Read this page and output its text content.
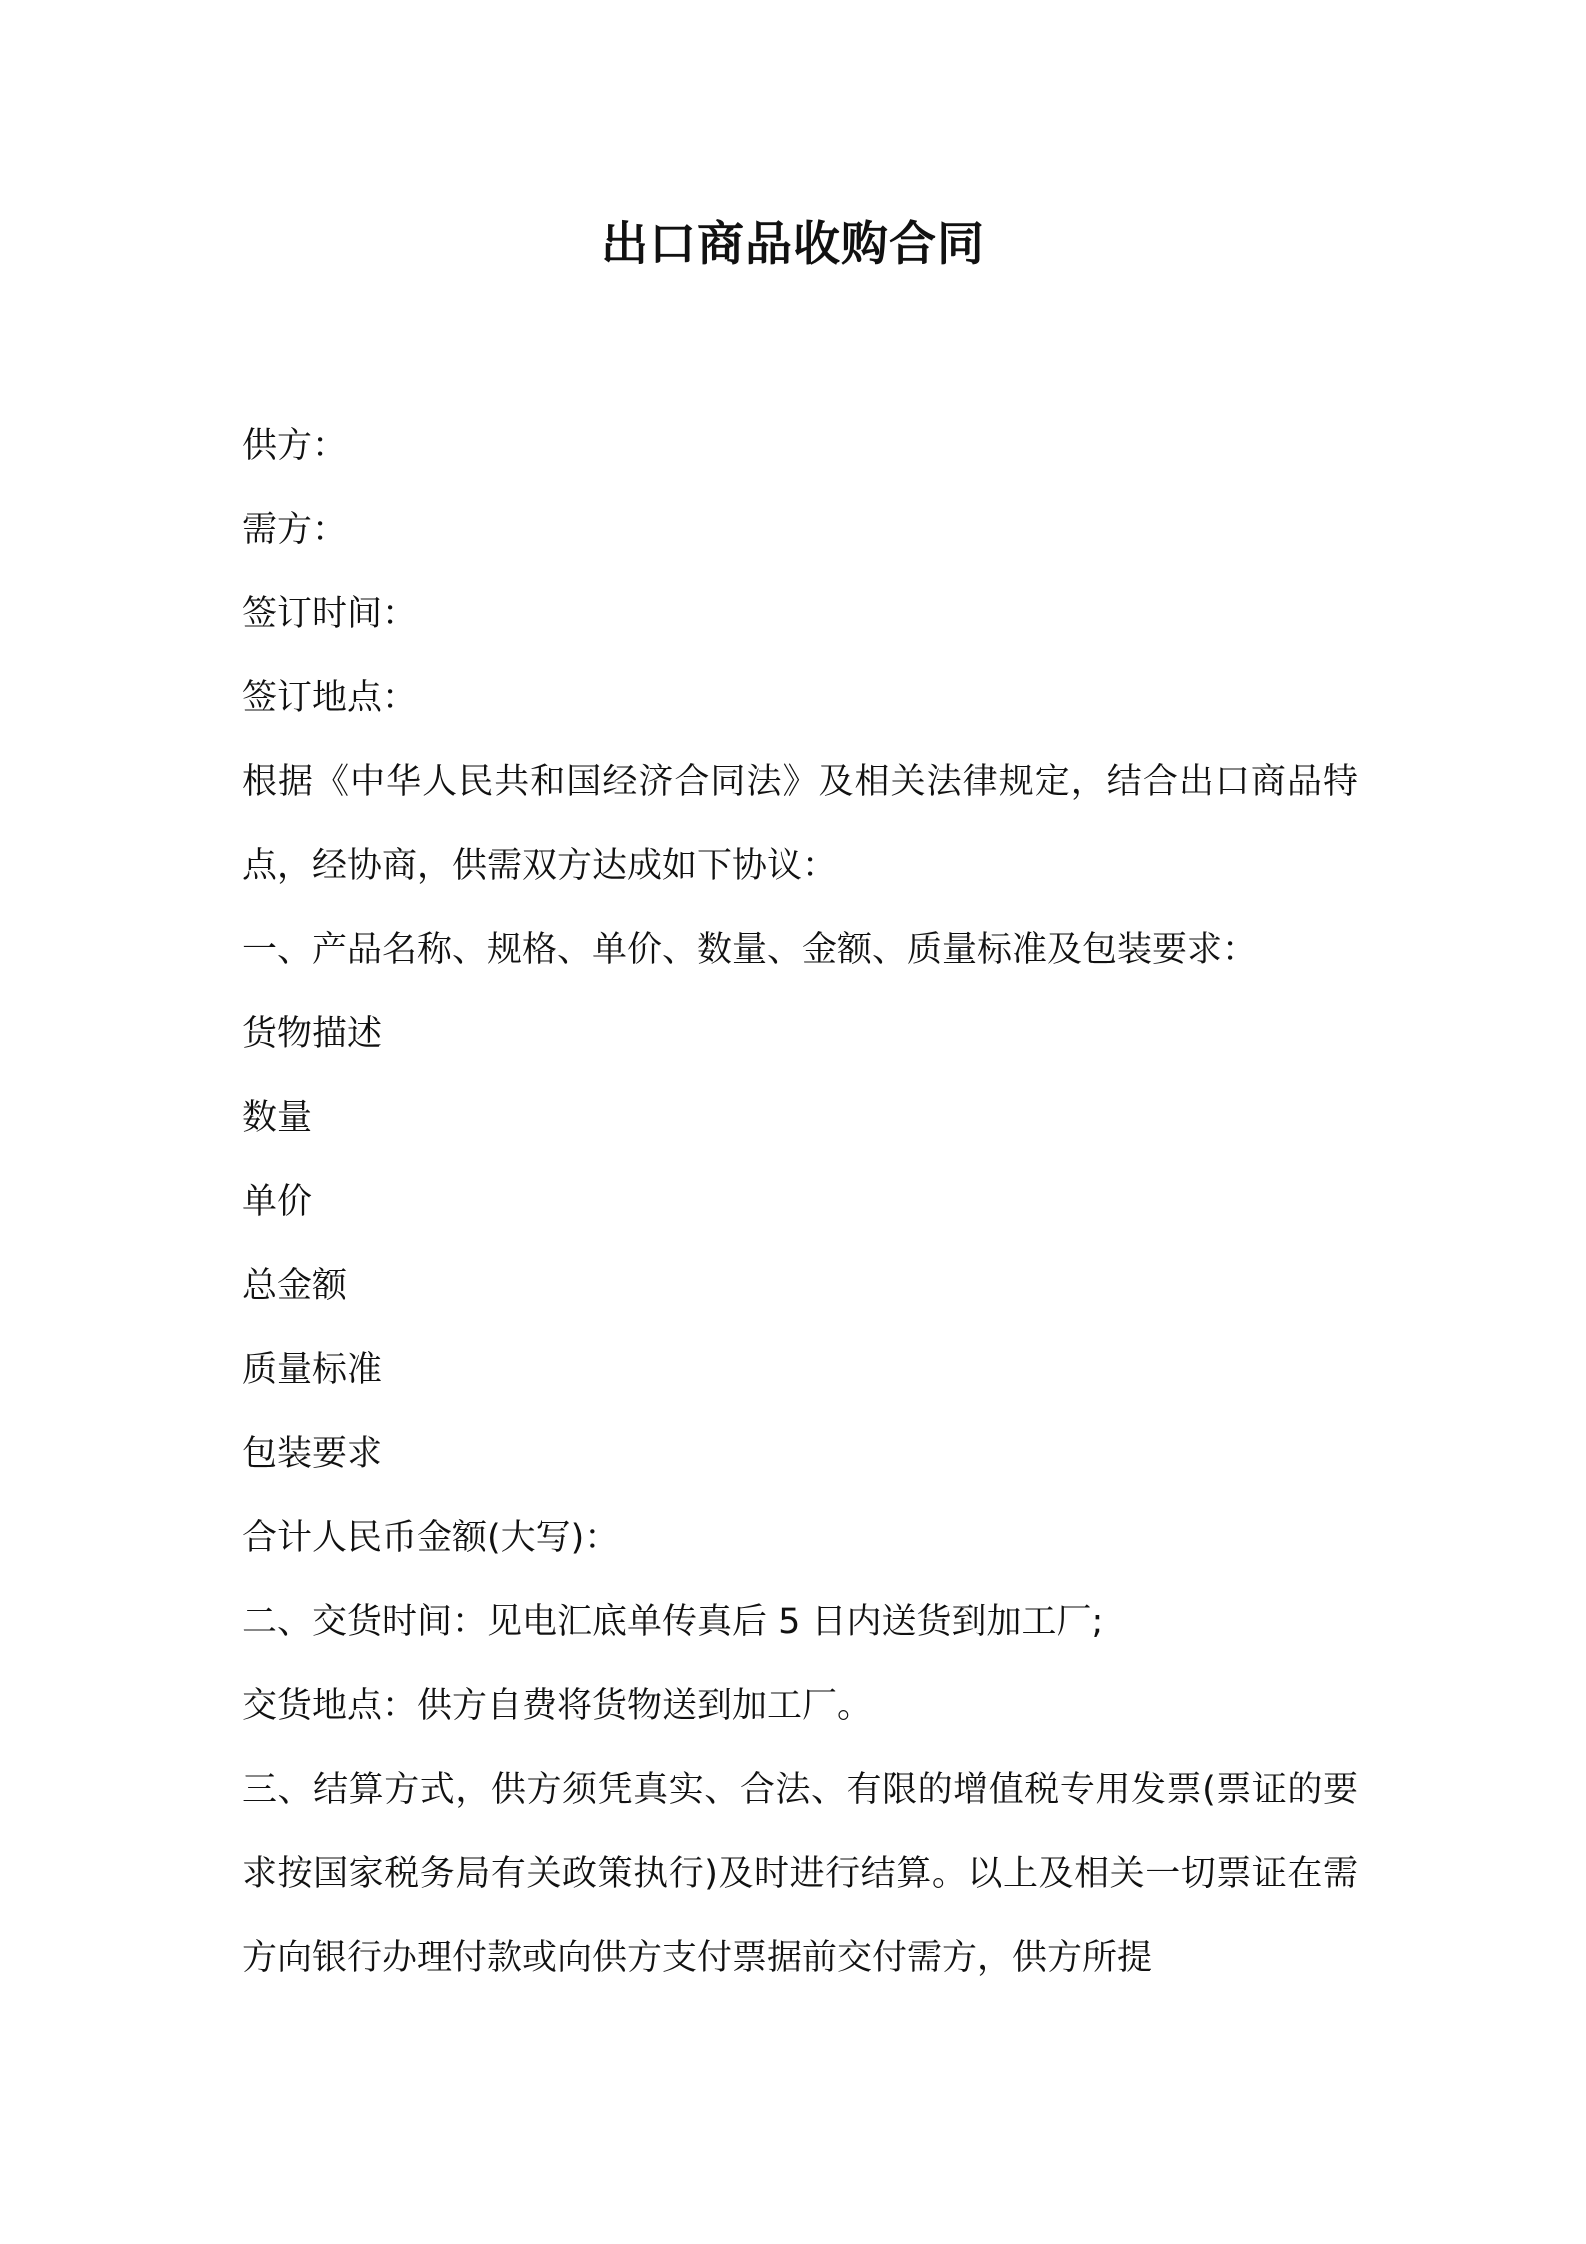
出口商品收购合同

供方：

需方：

签订时间：

签订地点：

根据《中华人民共和国经济合同法》及相关法律规定，结合出口商品特点，经协商，供需双方达成如下协议：

一、产品名称、规格、单价、数量、金额、质量标准及包装要求：

货物描述

数量

单价

总金额

质量标准

包装要求

合计人民币金额(大写)：

二、交货时间：见电汇底单传真后 5 日内送货到加工厂;

交货地点：供方自费将货物送到加工厂。

三、结算方式，供方须凭真实、合法、有限的增值税专用发票(票证的要求按国家税务局有关政策执行)及时进行结算。以上及相关一切票证在需方向银行办理付款或向供方支付票据前交付需方，供方所提
